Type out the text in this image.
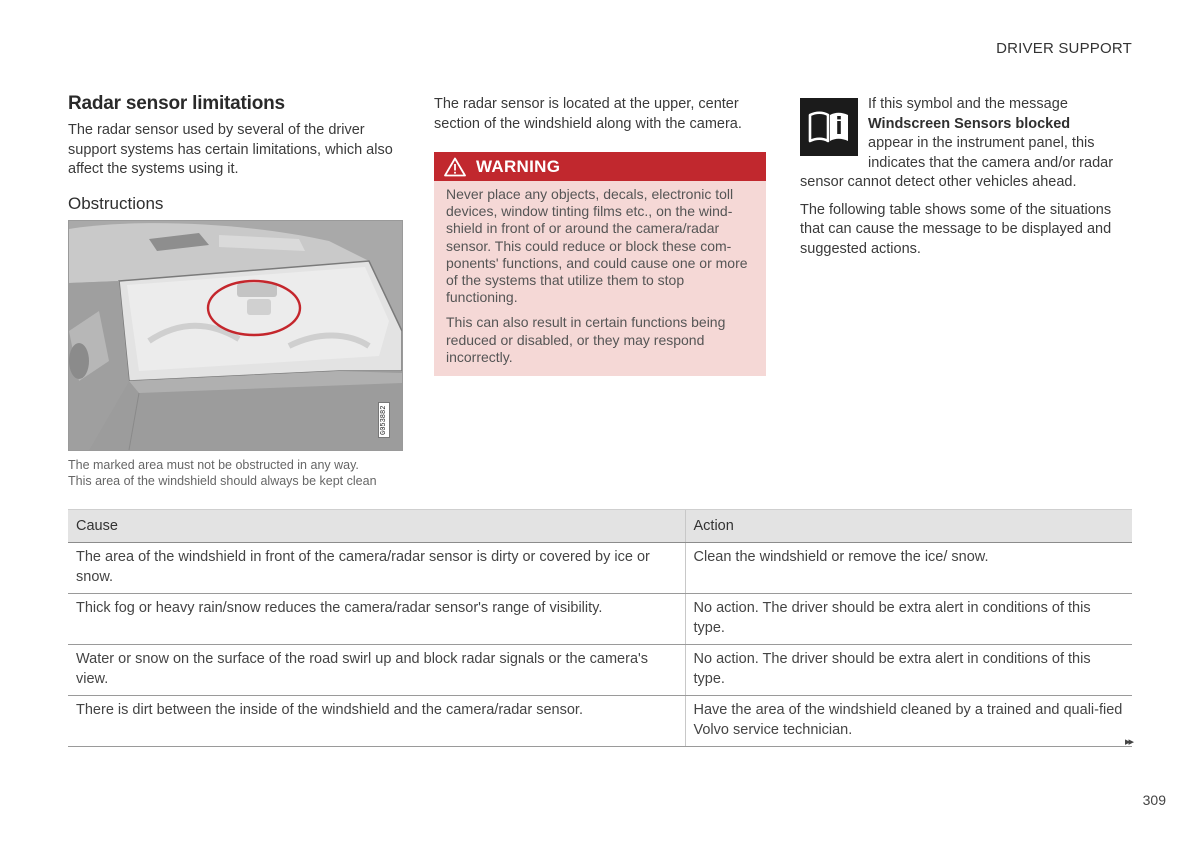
DRIVER SUPPORT
Radar sensor limitations

The radar sensor used by several of the driver support systems has certain limitations, which also affect the systems using it.

Obstructions
G053882
The marked area must not be obstructed in any way.
This area of the windshield should always be kept clean

The radar sensor is located at the upper, center section of the windshield along with the camera.

WARNING

Never place any objects, decals, electronic toll devices, window tinting films etc., on the wind-shield in front of or around the camera/radar sensor. This could reduce or block these com-ponents' functions, and could cause one or more of the systems that utilize them to stop functioning.

This can also result in certain functions being reduced or disabled, or they may respond incorrectly.

If this symbol and the message
Windscreen Sensors blocked
appear in the instrument panel, this indicates that the camera and/or radar sensor cannot detect other vehicles ahead.

The following table shows some of the situations that can cause the message to be displayed and suggested actions.

Cause	Action
The area of the windshield in front of the camera/radar sensor is dirty or covered by ice or snow.	Clean the windshield or remove the ice/ snow.
Thick fog or heavy rain/snow reduces the camera/radar sensor's range of visibility.	No action. The driver should be extra alert in conditions of this type.
Water or snow on the surface of the road swirl up and block radar signals or the camera's view.	No action. The driver should be extra alert in conditions of this type.
There is dirt between the inside of the windshield and the camera/radar sensor.	Have the area of the windshield cleaned by a trained and quali-fied Volvo service technician.
▸▸
309
